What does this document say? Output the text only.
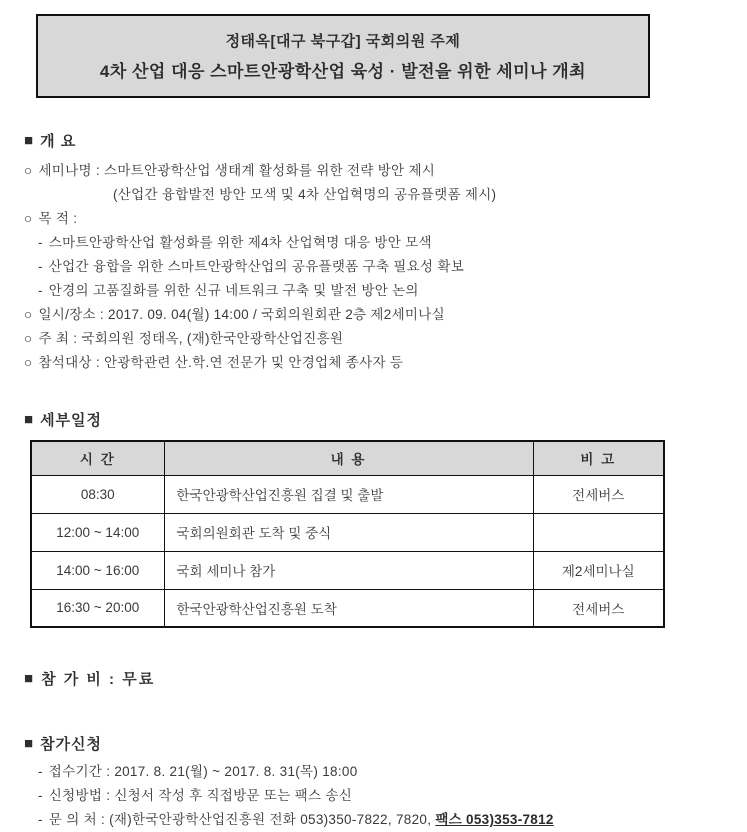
정태옥[대구 북구갑] 국회의원 주제
4차 산업 대응 스마트안광학산업 육성 · 발전을 위한 세미나 개최
■ 개 요
○ 세미나명 : 스마트안광학산업 생태계 활성화를 위한 전략 방안 제시
(산업간 융합발전 방안 모색 및 4차 산업혁명의 공유플랫폼 제시)
○ 목 적 :
- 스마트안광학산업 활성화를 위한 제4차 산업혁명 대응 방안 모색
- 산업간 융합을 위한 스마트안광학산업의 공유플랫폼 구축 필요성 확보
- 안경의 고품질화를 위한 신규 네트워크 구축 및 발전 방안 논의
○ 일시/장소 : 2017. 09. 04(월) 14:00 / 국회의원회관 2층 제2세미나실
○ 주 최 : 국회의원 정태옥, (재)한국안광학산업진흥원
○ 참석대상 : 안광학관련 산.학.연 전문가 및 안경업체 종사자 등
■ 세부일정
시 간	내 용	비 고
08:30	한국안광학산업진흥원 집결 및 출발	전세버스
12:00 ~ 14:00	국회의원회관 도착 및 중식	
14:00 ~ 16:00	국회 세미나 참가	제2세미나실
16:30 ~ 20:00	한국안광학산업진흥원 도착	전세버스
■ 참 가 비 : 무료
■ 참가신청
- 접수기간 : 2017. 8. 21(월) ~ 2017. 8. 31(목) 18:00
- 신청방법 : 신청서 작성 후 직접방문 또는 팩스 송신
- 문 의 처 : (재)한국안광학산업진흥원 전화 053)350-7822, 7820, 팩스 053)353-7812
